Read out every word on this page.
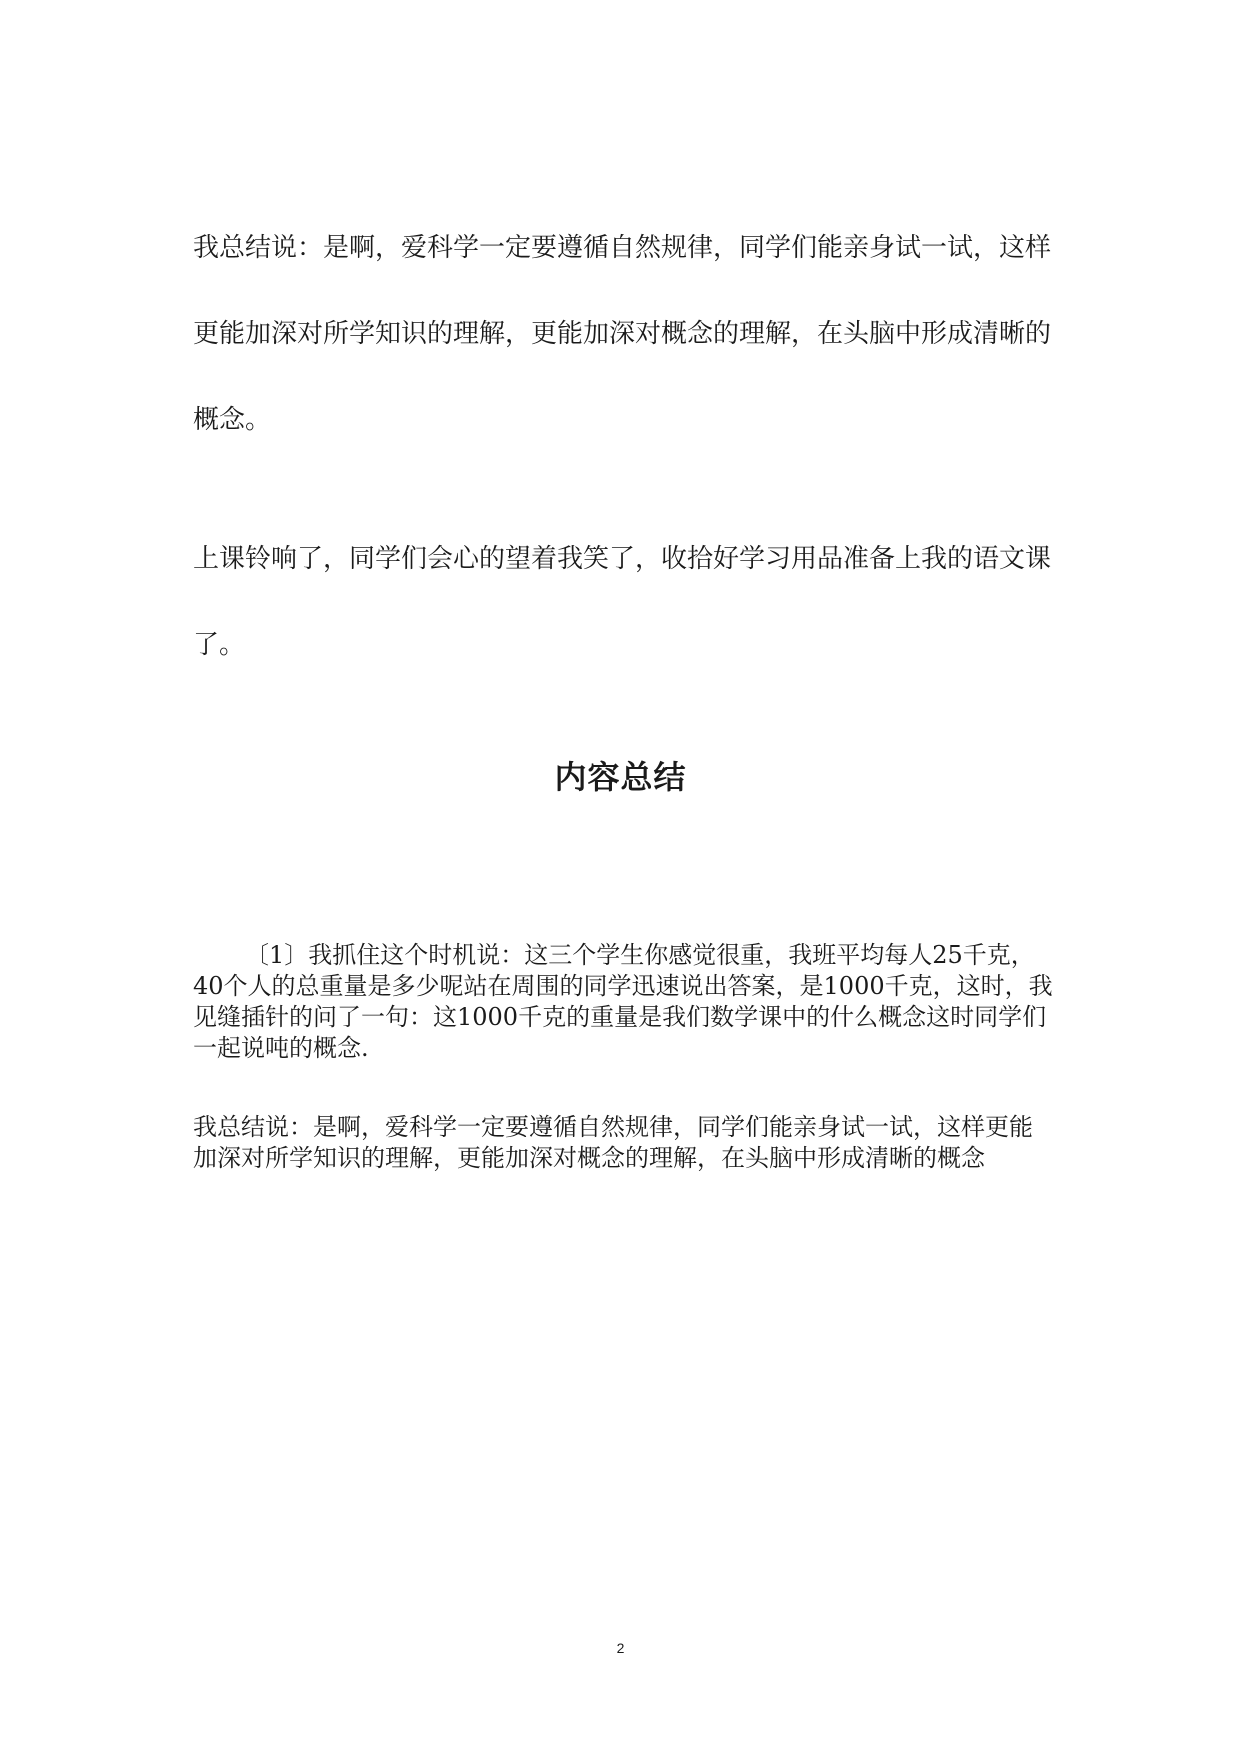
我总结说：是啊，爱科学一定要遵循自然规律，同学们能亲身试一试，这样更能加深对所学知识的理解，更能加深对概念的理解，在头脑中形成清晰的概念。

上课铃响了，同学们会心的望着我笑了，收拾好学习用品准备上我的语文课了。

内容总结

〔1〕我抓住这个时机说：这三个学生你感觉很重，我班平均每人25千克，40个人的总重量是多少呢站在周围的同学迅速说出答案，是1000千克，这时，我见缝插针的问了一句：这1000千克的重量是我们数学课中的什么概念这时同学们一起说吨的概念.

我总结说：是啊，爱科学一定要遵循自然规律，同学们能亲身试一试，这样更能加深对所学知识的理解，更能加深对概念的理解，在头脑中形成清晰的概念

2
